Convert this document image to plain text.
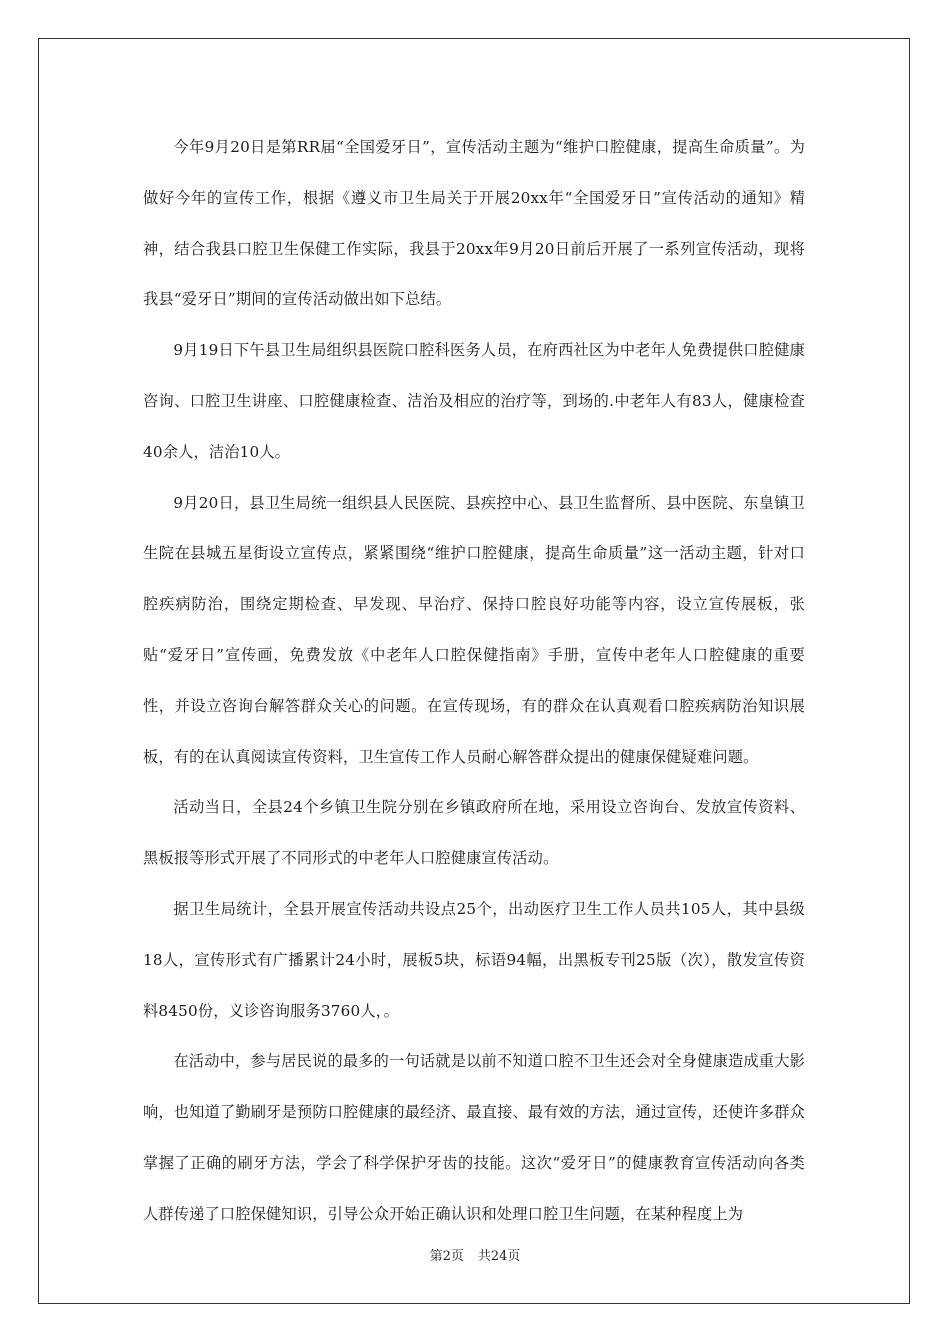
今年9月20日是第RR届“全国爱牙日”，宣传活动主题为“维护口腔健康，提高生命质量”。为做好今年的宣传工作，根据《遵义市卫生局关于开展20xx年“全国爱牙日”宣传活动的通知》精神，结合我县口腔卫生保健工作实际，我县于20xx年9月20日前后开展了一系列宣传活动，现将我县“爱牙日”期间的宣传活动做出如下总结。

9月19日下午县卫生局组织县医院口腔科医务人员，在府西社区为中老年人免费提供口腔健康咨询、口腔卫生讲座、口腔健康检查、洁治及相应的治疗等，到场的.中老年人有83人，健康检查40余人，洁治10人。

9月20日，县卫生局统一组织县人民医院、县疾控中心、县卫生监督所、县中医院、东皇镇卫生院在县城五星街设立宣传点，紧紧围绕“维护口腔健康，提高生命质量”这一活动主题，针对口腔疾病防治，围绕定期检查、早发现、早治疗、保持口腔良好功能等内容，设立宣传展板，张贴“爱牙日”宣传画，免费发放《中老年人口腔保健指南》手册，宣传中老年人口腔健康的重要性，并设立咨询台解答群众关心的问题。在宣传现场，有的群众在认真观看口腔疾病防治知识展板，有的在认真阅读宣传资料，卫生宣传工作人员耐心解答群众提出的健康保健疑难问题。

活动当日，全县24个乡镇卫生院分别在乡镇政府所在地，采用设立咨询台、发放宣传资料、黑板报等形式开展了不同形式的中老年人口腔健康宣传活动。

据卫生局统计，全县开展宣传活动共设点25个，出动医疗卫生工作人员共105人，其中县级18人，宣传形式有广播累计24小时，展板5块，标语94幅，出黑板专刊25版（次），散发宣传资料8450份，义诊咨询服务3760人，。

在活动中，参与居民说的最多的一句话就是以前不知道口腔不卫生还会对全身健康造成重大影响，也知道了勤刷牙是预防口腔健康的最经济、最直接、最有效的方法，通过宣传，还使许多群众掌握了正确的刷牙方法，学会了科学保护牙齿的技能。这次“爱牙日”的健康教育宣传活动向各类人群传递了口腔保健知识，引导公众开始正确认识和处理口腔卫生问题，在某种程度上为

第2页 共24页
